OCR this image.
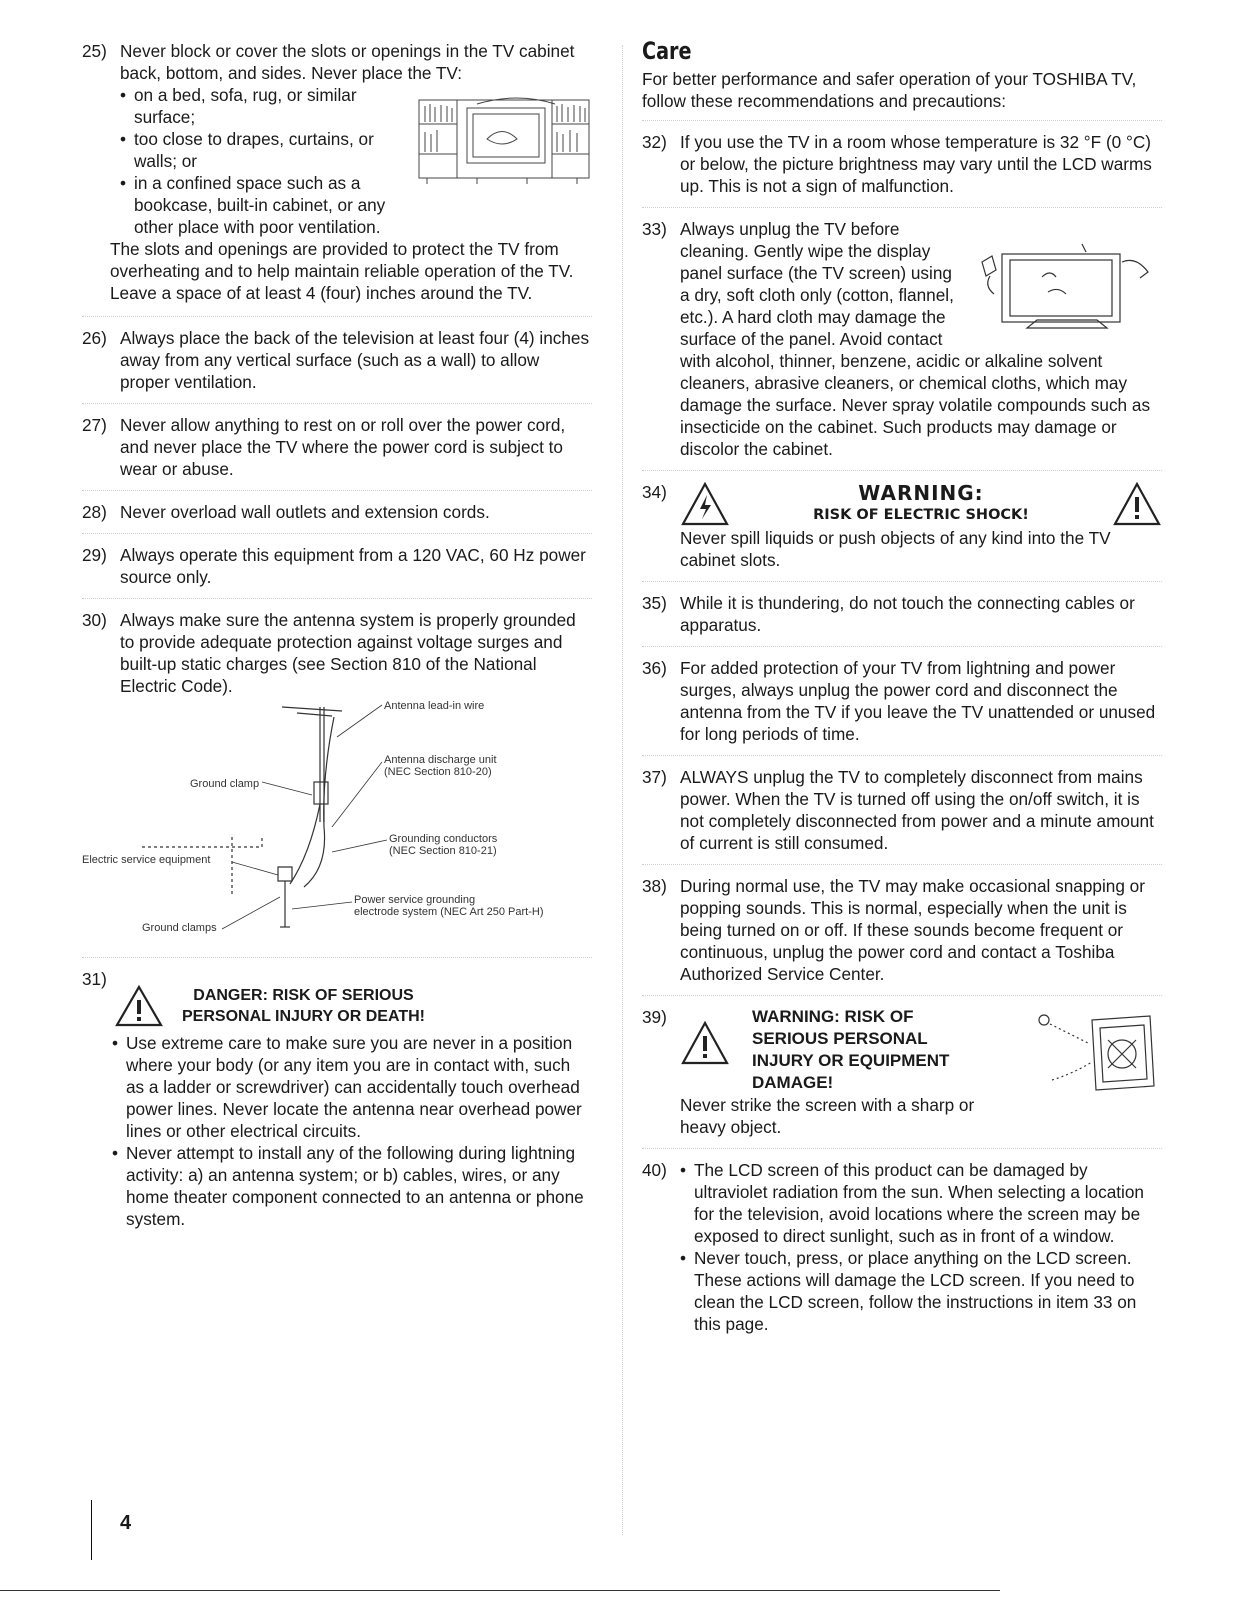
25) Never block or cover the slots or openings in the TV cabinet back, bottom, and sides. Never place the TV:

• on a bed, sofa, rug, or similar surface;

• too close to drapes, curtains, or walls; or

• in a confined space such as a bookcase, built-in cabinet, or any other place with poor ventilation.

The slots and openings are provided to protect the TV from overheating and to help maintain reliable operation of the TV. Leave a space of at least 4 (four) inches around the TV.

26) Always place the back of the television at least four (4) inches away from any vertical surface (such as a wall) to allow proper ventilation.

27) Never allow anything to rest on or roll over the power cord, and never place the TV where the power cord is subject to wear or abuse.

28) Never overload wall outlets and extension cords.

29) Always operate this equipment from a 120 VAC, 60 Hz power source only.

30) Always make sure the antenna system is properly grounded to provide adequate protection against voltage surges and built-up static charges (see Section 810 of the National Electric Code).

Antenna lead-in wire
Antenna discharge unit
(NEC Section 810-20)
Ground clamp
Grounding conductors
(NEC Section 810-21)
Electric service equipment
Power service grounding
electrode system (NEC Art 250 Part-H)
Ground clamps
31)
DANGER: RISK OF SERIOUS
PERSONAL INJURY OR DEATH!

• Use extreme care to make sure you are never in a position where your body (or any item you are in contact with, such as a ladder or screwdriver) can accidentally touch overhead power lines. Never locate the antenna near overhead power lines or other electrical circuits.

• Never attempt to install any of the following during lightning activity: a) an antenna system; or b) cables, wires, or any home theater component connected to an antenna or phone system.

Care

For better performance and safer operation of your TOSHIBA TV, follow these recommendations and precautions:

32) If you use the TV in a room whose temperature is 32 °F (0 °C) or below, the picture brightness may vary until the LCD warms up. This is not a sign of malfunction.

33) Always unplug the TV before cleaning. Gently wipe the display panel surface (the TV screen) using a dry, soft cloth only (cotton, flannel, etc.). A hard cloth may damage the surface of the panel. Avoid contact with alcohol, thinner, benzene, acidic or alkaline solvent cleaners, abrasive cleaners, or chemical cloths, which may damage the surface. Never spray volatile compounds such as insecticide on the cabinet. Such products may damage or discolor the cabinet.

34)	WARNING:
RISK OF ELECTRIC SHOCK!

Never spill liquids or push objects of any kind into the TV cabinet slots.

35) While it is thundering, do not touch the connecting cables or apparatus.

36) For added protection of your TV from lightning and power surges, always unplug the power cord and disconnect the antenna from the TV if you leave the TV unattended or unused for long periods of time.

37) ALWAYS unplug the TV to completely disconnect from mains power. When the TV is turned off using the on/off switch, it is not completely disconnected from power and a minute amount of current is still consumed.

38) During normal use, the TV may make occasional snapping or popping sounds. This is normal, especially when the unit is being turned on or off. If these sounds become frequent or continuous, unplug the power cord and contact a Toshiba Authorized Service Center.

39)	WARNING: RISK OF SERIOUS PERSONAL INJURY OR EQUIPMENT DAMAGE!

Never strike the screen with a sharp or heavy object.

40)

•	The LCD screen of this product can be damaged by ultraviolet radiation from the sun. When selecting a location for the television, avoid locations where the screen may be exposed to direct sunlight, such as in front of a window.

• Never touch, press, or place anything on the LCD screen. These actions will damage the LCD screen. If you need to clean the LCD screen, follow the instructions in item 33 on this page.

4
